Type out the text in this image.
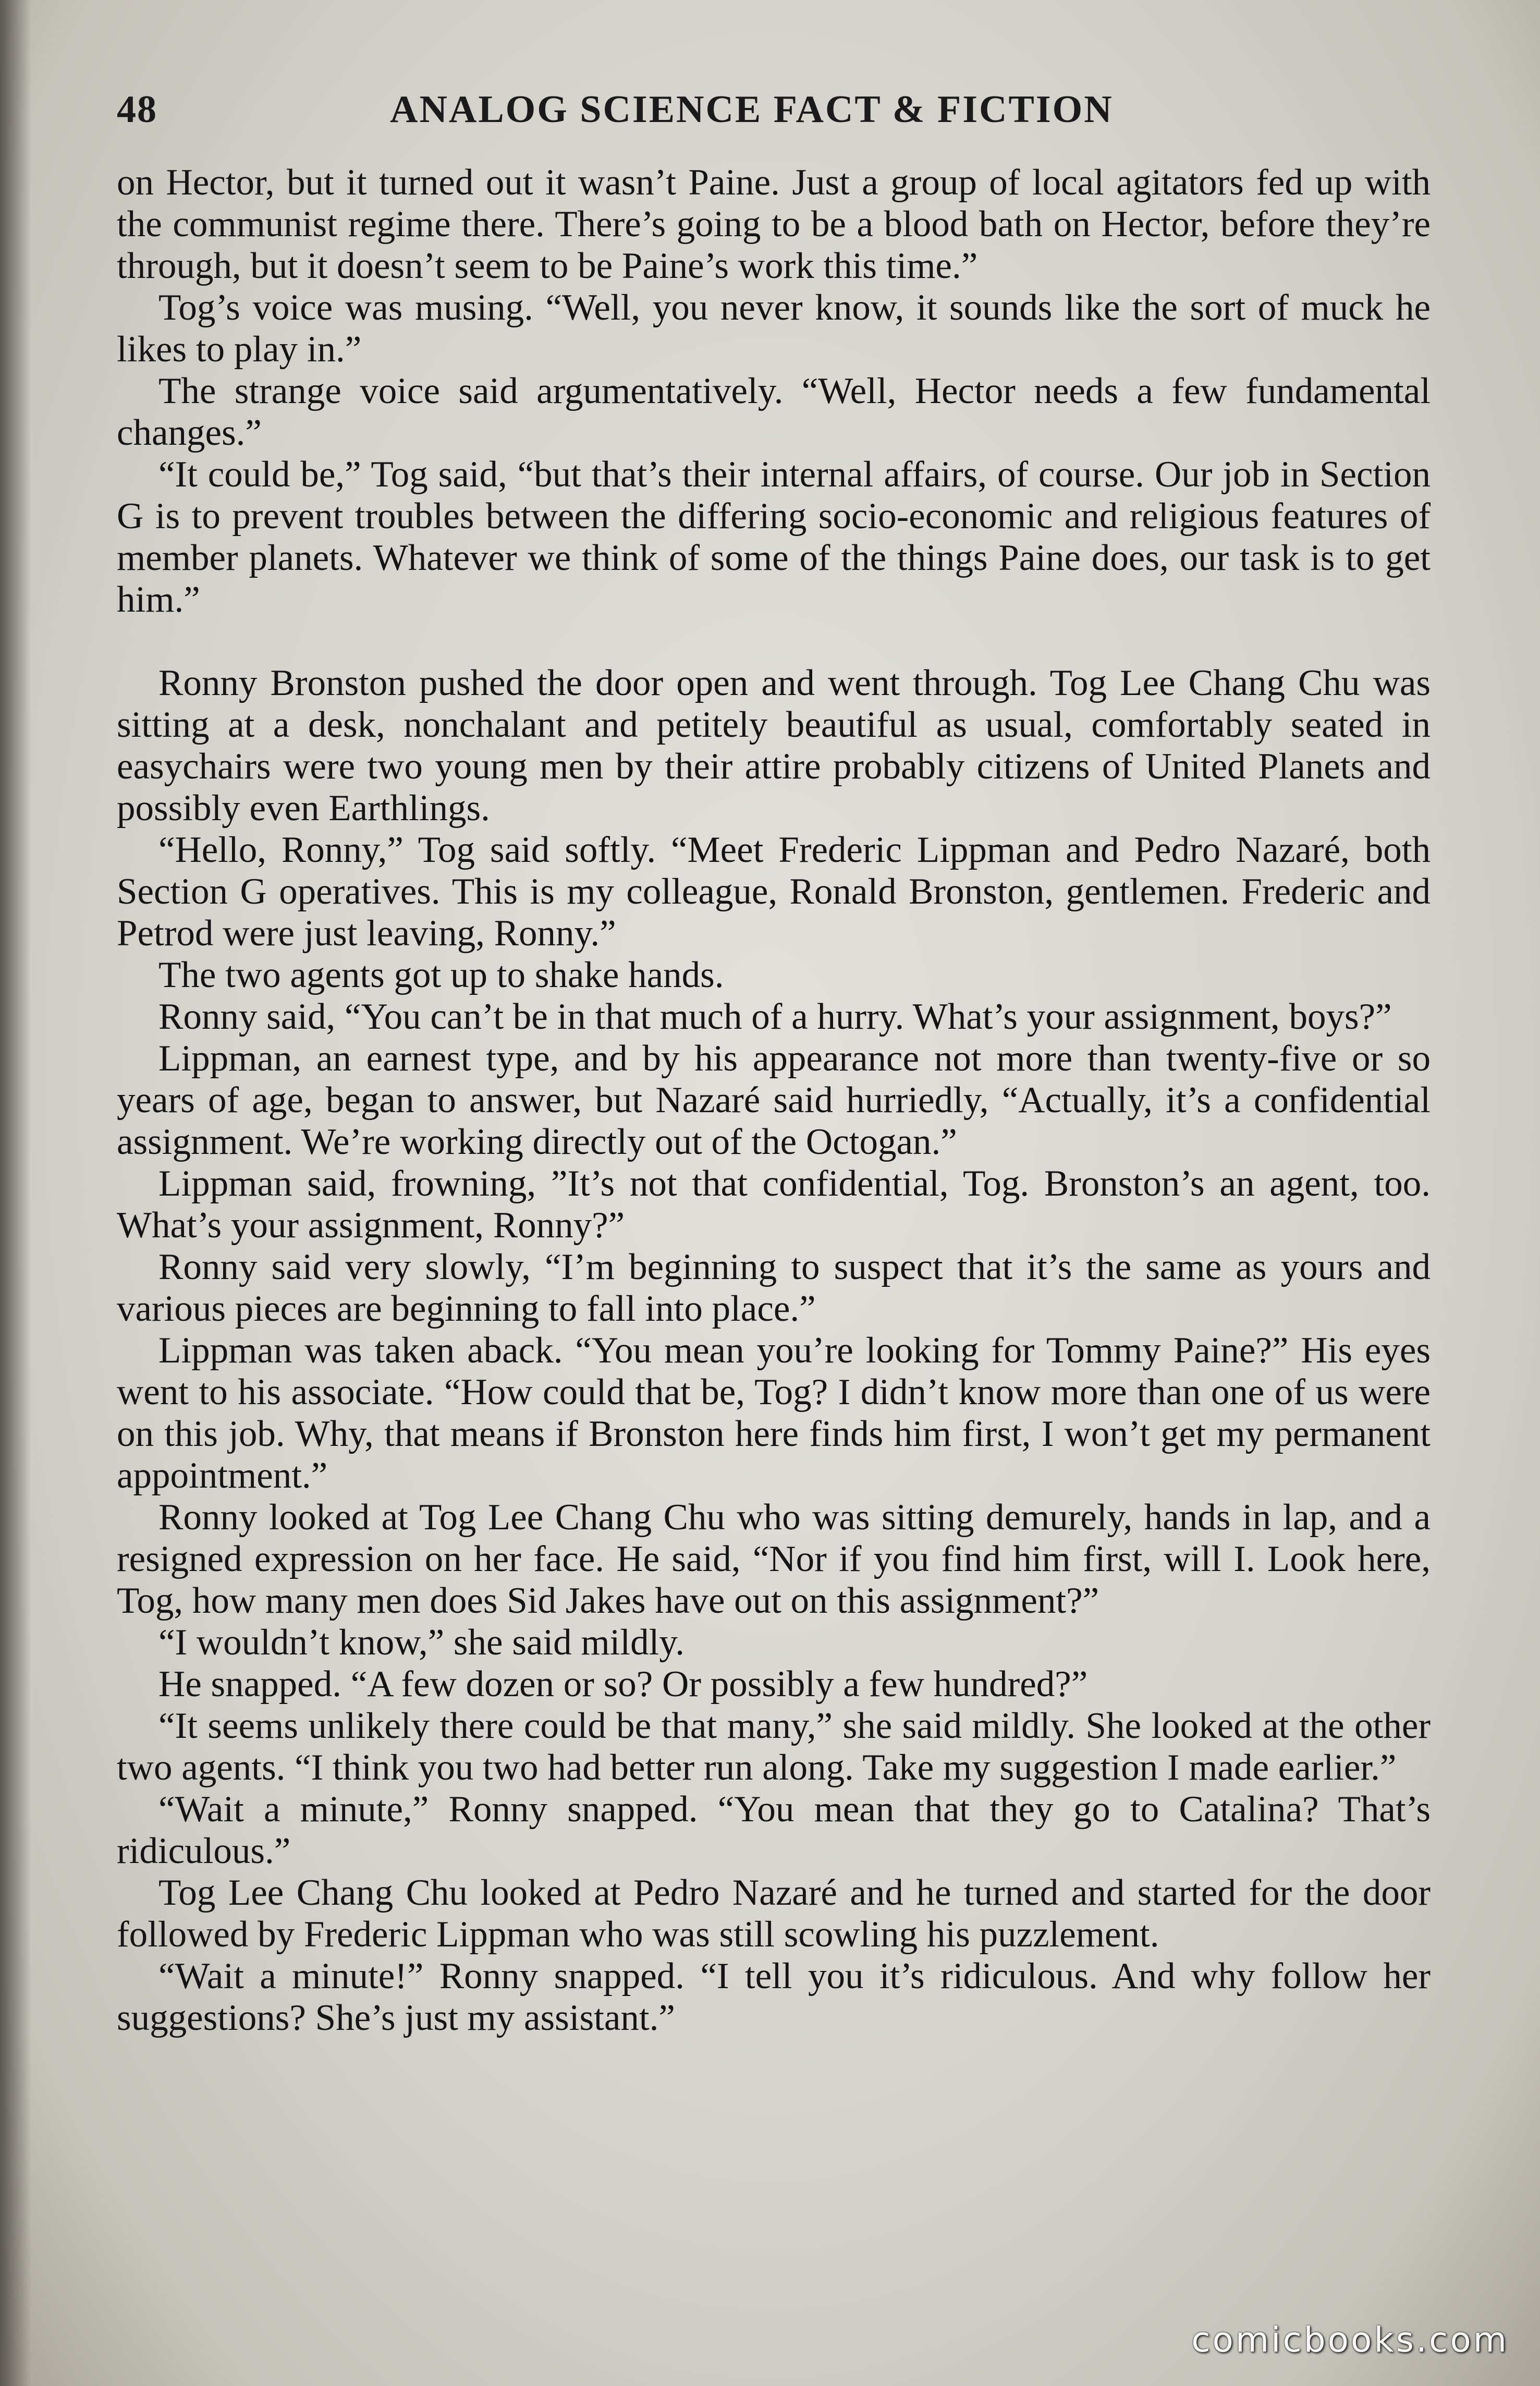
48	ANALOG SCIENCE FACT & FICTION

on Hector, but it turned out it wasn’t Paine. Just a group of local agitators fed up with the communist regime there. There’s going to be a blood bath on Hector, before they’re through, but it doesn’t seem to be Paine’s work this time.”

Tog’s voice was musing. “Well, you never know, it sounds like the sort of muck he likes to play in.”

The strange voice said argumentatively. “Well, Hector needs a few fundamental changes.”

“It could be,” Tog said, “but that’s their internal affairs, of course. Our job in Section G is to prevent troubles between the differing socio-economic and religious features of member planets. Whatever we think of some of the things Paine does, our task is to get him.”

Ronny Bronston pushed the door open and went through. Tog Lee Chang Chu was sitting at a desk, nonchalant and petitely beautiful as usual, comfortably seated in easychairs were two young men by their attire probably citizens of United Planets and possibly even Earthlings.

“Hello, Ronny,” Tog said softly. “Meet Frederic Lippman and Pedro Nazaré, both Section G operatives. This is my colleague, Ronald Bronston, gentlemen. Frederic and Petrod were just leaving, Ronny.”

The two agents got up to shake hands.

Ronny said, “You can’t be in that much of a hurry. What’s your assignment, boys?”

Lippman, an earnest type, and by his appearance not more than twenty-five or so years of age, began to answer, but Nazaré said hurriedly, “Actually, it’s a confidential assignment. We’re working directly out of the Octogan.”

Lippman said, frowning, ”It’s not that confidential, Tog. Bronston’s an agent, too. What’s your assignment, Ronny?”

Ronny said very slowly, “I’m beginning to suspect that it’s the same as yours and various pieces are beginning to fall into place.”

Lippman was taken aback. “You mean you’re looking for Tommy Paine?” His eyes went to his associate. “How could that be, Tog? I didn’t know more than one of us were on this job. Why, that means if Bronston here finds him first, I won’t get my permanent appointment.”

Ronny looked at Tog Lee Chang Chu who was sitting demurely, hands in lap, and a resigned expression on her face. He said, “Nor if you find him first, will I. Look here, Tog, how many men does Sid Jakes have out on this assignment?”

“I wouldn’t know,” she said mildly.

He snapped. “A few dozen or so? Or possibly a few hundred?”

“It seems unlikely there could be that many,” she said mildly. She looked at the other two agents. “I think you two had better run along. Take my suggestion I made earlier.”

“Wait a minute,” Ronny snapped. “You mean that they go to Catalina? That’s ridiculous.”

Tog Lee Chang Chu looked at Pedro Nazaré and he turned and started for the door followed by Frederic Lippman who was still scowling his puzzlement.

“Wait a minute!” Ronny snapped. “I tell you it’s ridiculous. And why follow her suggestions? She’s just my assistant.”

comicbooks.com
